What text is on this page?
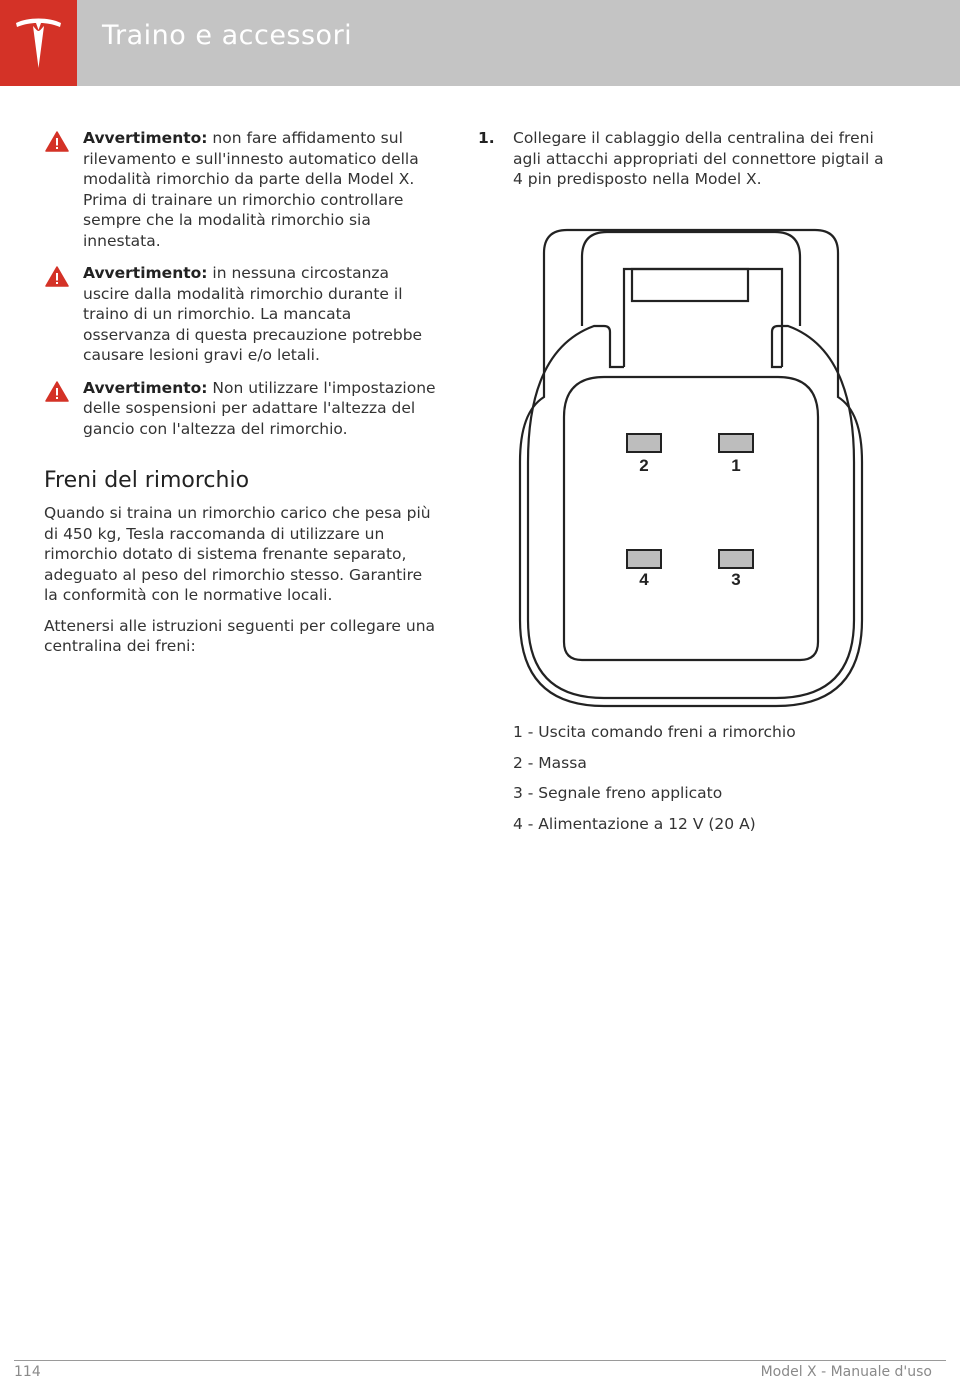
Traino e accessori

Avvertimento: non fare affidamento sul rilevamento e sull'innesto automatico della modalità rimorchio da parte della Model X. Prima di trainare un rimorchio controllare sempre che la modalità rimorchio sia innestata.

Avvertimento: in nessuna circostanza uscire dalla modalità rimorchio durante il traino di un rimorchio. La mancata osservanza di questa precauzione potrebbe causare lesioni gravi e/o letali.

Avvertimento: Non utilizzare l'impostazione delle sospensioni per adattare l'altezza del gancio con l'altezza del rimorchio.

Freni del rimorchio

Quando si traina un rimorchio carico che pesa più di 450 kg, Tesla raccomanda di utilizzare un rimorchio dotato di sistema frenante separato, adeguato al peso del rimorchio stesso. Garantire la conformità con le normative locali.

Attenersi alle istruzioni seguenti per collegare una centralina dei freni:

1. Collegare il cablaggio della centralina dei freni agli attacchi appropriati del connettore pigtail a 4 pin predisposto nella Model X.

2	1
4	3

1 - Uscita comando freni a rimorchio

2 - Massa

3 - Segnale freno applicato

4 - Alimentazione a 12 V (20 A)

114	Model X - Manuale d'uso
